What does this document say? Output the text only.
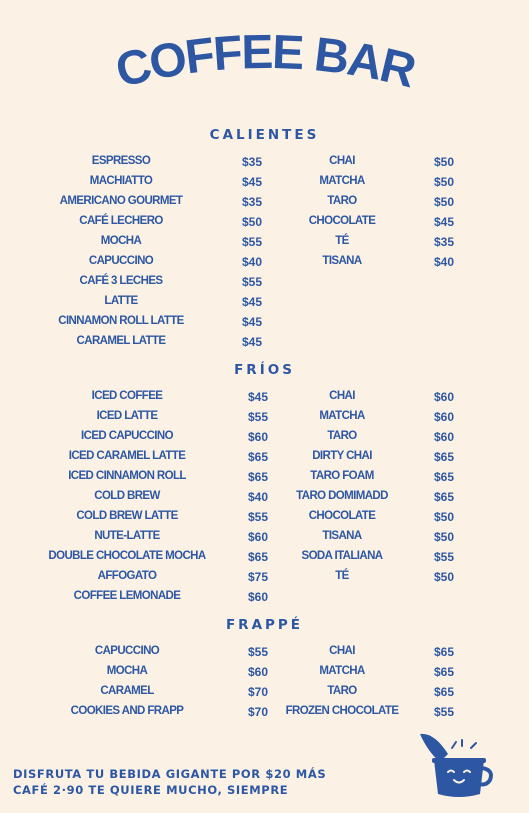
COFFEE BAR
CALIENTES
ESPRESSO	$35
MACHIATTO	$45
AMERICANO GOURMET	$35
CAFÉ LECHERO	$50
MOCHA	$55
CAPUCCINO	$40
CAFÉ 3 LECHES	$55
LATTE	$45
CINNAMON ROLL LATTE	$45
CARAMEL LATTE	$45
CHAI	$50
MATCHA	$50
TARO	$50
CHOCOLATE	$45
TÉ	$35
TISANA	$40
FRÍOS
ICED COFFEE	$45
ICED LATTE	$55
ICED CAPUCCINO	$60
ICED CARAMEL LATTE	$65
ICED CINNAMON ROLL	$65
COLD BREW	$40
COLD BREW LATTE	$55
NUTE-LATTE	$60
DOUBLE CHOCOLATE MOCHA	$65
AFFOGATO	$75
COFFEE LEMONADE	$60
CHAI	$60
MATCHA	$60
TARO	$60
DIRTY CHAI	$65
TARO FOAM	$65
TARO DOMIMADD	$65
CHOCOLATE	$50
TISANA	$50
SODA ITALIANA	$55
TÉ	$50
FRAPPÉ
CAPUCCINO	$55
MOCHA	$60
CARAMEL	$70
COOKIES AND FRAPP	$70
CHAI	$65
MATCHA	$65
TARO	$65
FROZEN CHOCOLATE	$55
DISFRUTA TU BEBIDA GIGANTE POR $20 MÁS
CAFÉ 2·90 TE QUIERE MUCHO, SIEMPRE
